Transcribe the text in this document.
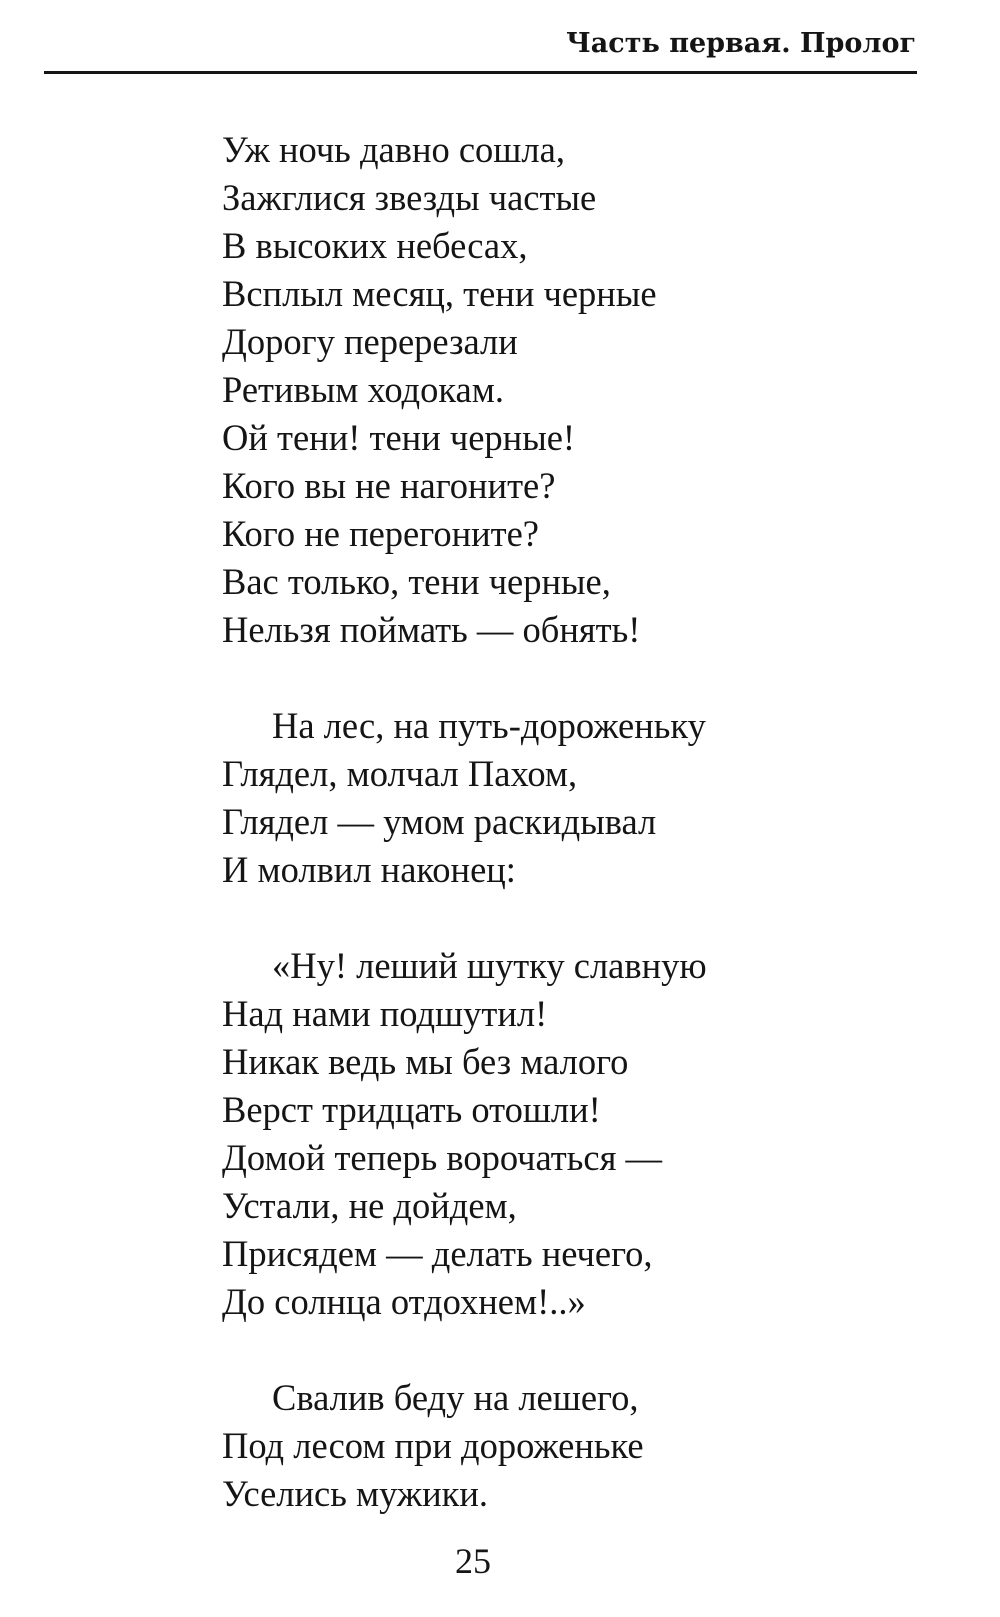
Часть первая. Пролог
Уж ночь давно сошла,
Зажглися звезды частые
В высоких небесах,
Всплыл месяц, тени черные
Дорогу перерезали
Ретивым ходокам.
Ой тени! тени черные!
Кого вы не нагоните?
Кого не перегоните?
Вас только, тени черные,
Нельзя поймать — обнять!
На лес, на путь-дороженьку
Глядел, молчал Пахом,
Глядел — умом раскидывал
И молвил наконец:
«Ну! леший шутку славную
Над нами подшутил!
Никак ведь мы без малого
Верст тридцать отошли!
Домой теперь ворочаться —
Устали, не дойдем,
Присядем — делать нечего,
До солнца отдохнем!..»
Свалив беду на лешего,
Под лесом при дороженьке
Уселись мужики.
25
